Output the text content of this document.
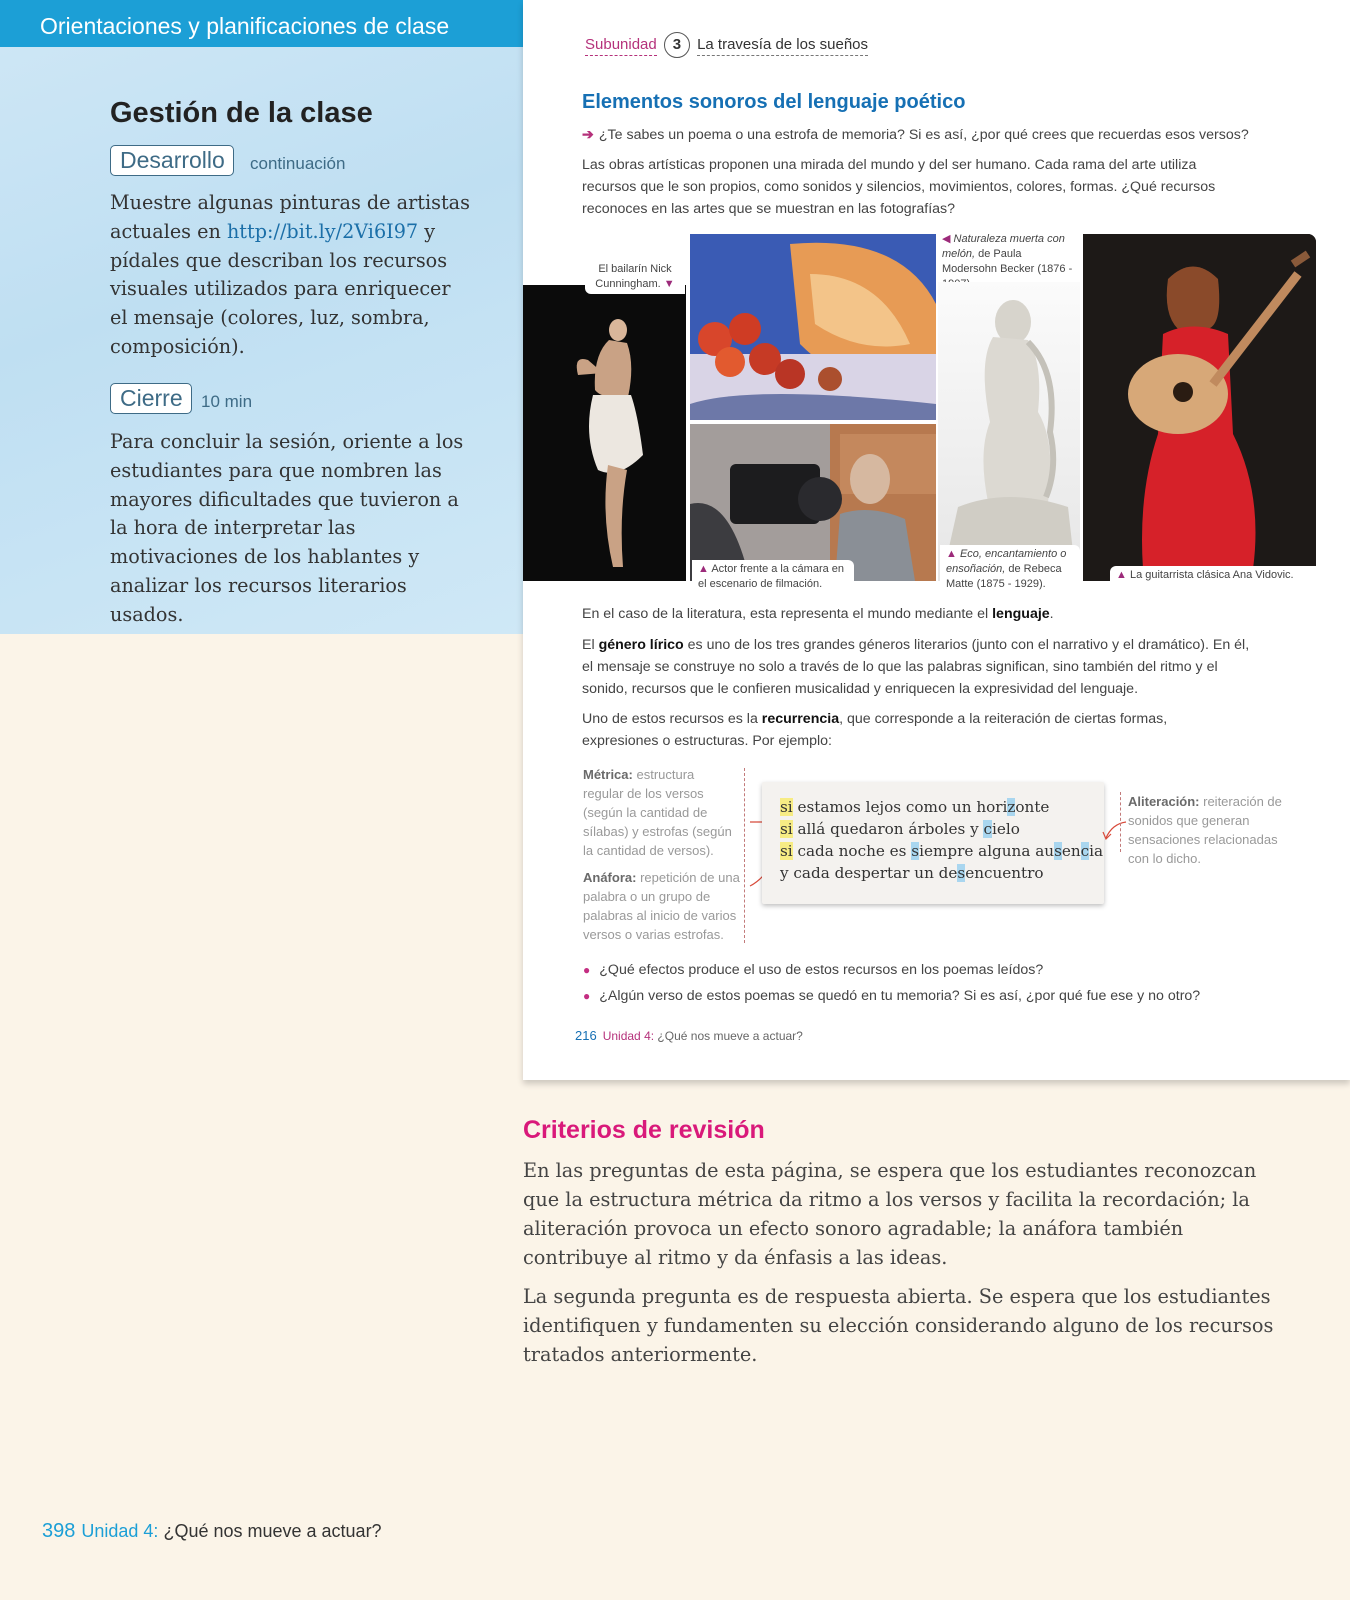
Orientaciones y planificaciones de clase
Gestión de la clase
Desarrollo	continuación

Muestre algunas pinturas de artistas actuales en http://bit.ly/2Vi6I97 y pídales que describan los recursos visuales utilizados para enriquecer el mensaje (colores, luz, sombra, composición).

Cierre	10 min

Para concluir la sesión, oriente a los estudiantes para que nombren las mayores dificultades que tuvieron a la hora de interpretar las motivaciones de los hablantes y analizar los recursos literarios usados.

Subunidad 3 La travesía de los sueños
Elementos sonoros del lenguaje poético
➔ ¿Te sabes un poema o una estrofa de memoria? Si es así, ¿por qué crees que recuerdas esos versos?

Las obras artísticas proponen una mirada del mundo y del ser humano. Cada rama del arte utiliza recursos que le son propios, como sonidos y silencios, movimientos, colores, formas. ¿Qué recursos reconoces en las artes que se muestran en las fotografías?

El bailarín Nick Cunningham. ▼
▲ Actor frente a la cámara en el escenario de filmación.
◀ Naturaleza muerta con melón, de Paula Modersohn Becker (1876 -
▲ Eco, encantamiento o ensoñación, de Rebeca Matte (1875 - 1929).
▲ La guitarrista clásica Ana Vidovic.

En el caso de la literatura, esta representa el mundo mediante el lenguaje.

El género lírico es uno de los tres grandes géneros literarios (junto con el narrativo y el dramático). En él, el mensaje se construye no solo a través de lo que las palabras significan, sino también del ritmo y el sonido, recursos que le confieren musicalidad y enriquecen la expresividad del lenguaje.

Uno de estos recursos es la recurrencia, que corresponde a la reiteración de ciertas formas, expresiones o estructuras. Por ejemplo:

Métrica: estructura regular de los versos (según la cantidad de sílabas) y estrofas (según la cantidad de versos).
Anáfora: repetición de una palabra o un grupo de palabras al inicio de varios versos o varias estrofas.
si estamos lejos como un horizonte
si allá quedaron árboles y cielo
si cada noche es siempre alguna ausencia
y cada despertar un desencuentro
Aliteración: reiteración de sonidos que generan sensaciones relacionadas con lo dicho.
● ¿Qué efectos produce el uso de estos recursos en los poemas leídos?
● ¿Algún verso de estos poemas se quedó en tu memoria? Si es así, ¿por qué fue ese y no otro?
216 Unidad 4: ¿Qué nos mueve a actuar?
Criterios de revisión

En las preguntas de esta página, se espera que los estudiantes reconozcan que la estructura métrica da ritmo a los versos y facilita la recordación; la aliteración provoca un efecto sonoro agradable; la anáfora también contribuye al ritmo y da énfasis a las ideas.

La segunda pregunta es de respuesta abierta. Se espera que los estudiantes identifiquen y fundamenten su elección considerando alguno de los recursos tratados anteriormente.

398 Unidad 4: ¿Qué nos mueve a actuar?
